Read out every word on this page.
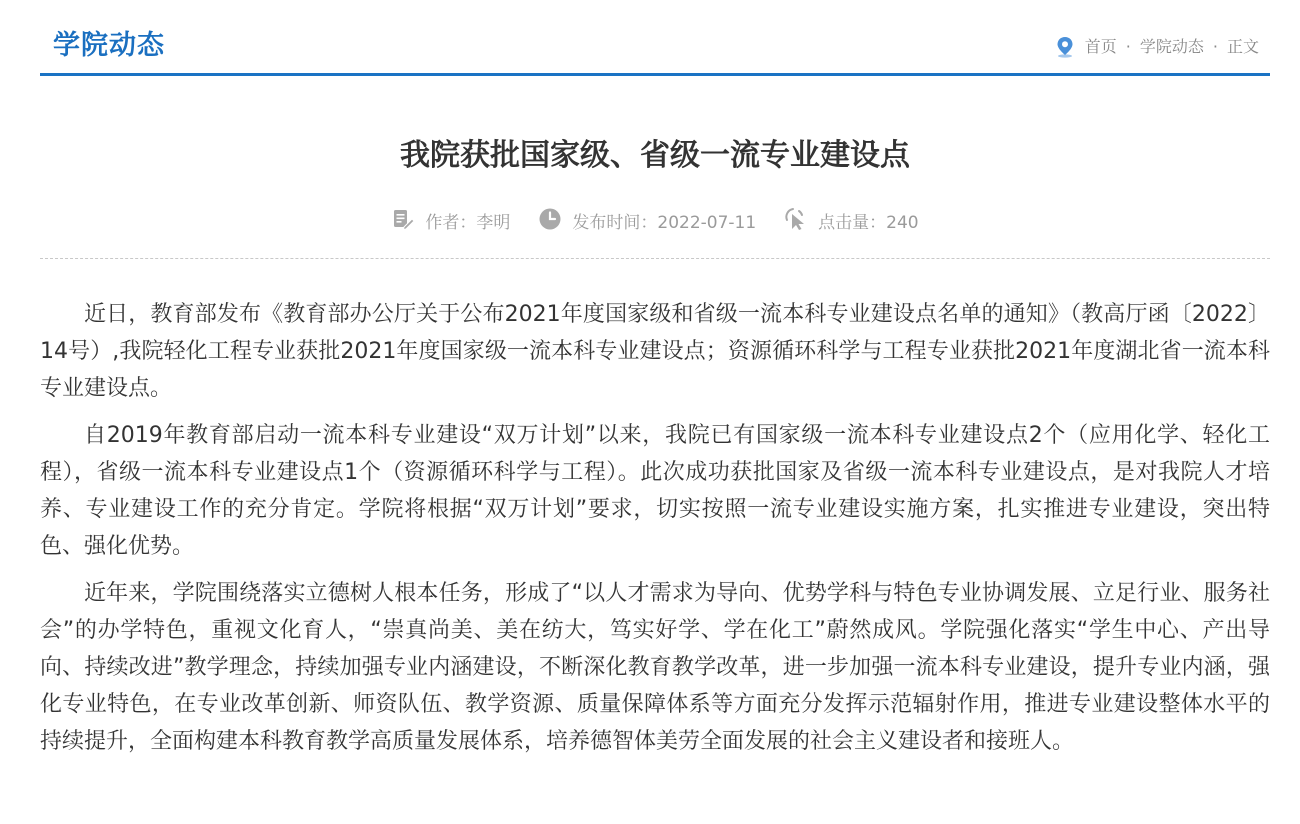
学院动态	首页 · 学院动态 · 正文
我院获批国家级、省级一流专业建设点
作者：李明	发布时间：2022-07-11	点击量：240

近日，教育部发布《教育部办公厅关于公布2021年度国家级和省级一流本科专业建设点名单的通知》（教高厅函〔2022〕14号）,我院轻化工程专业获批2021年度国家级一流本科专业建设点；资源循环科学与工程专业获批2021年度湖北省一流本科专业建设点。

自2019年教育部启动一流本科专业建设“双万计划”以来，我院已有国家级一流本科专业建设点2个（应用化学、轻化工程），省级一流本科专业建设点1个（资源循环科学与工程）。此次成功获批国家及省级一流本科专业建设点，是对我院人才培养、专业建设工作的充分肯定。学院将根据“双万计划”要求，切实按照一流专业建设实施方案，扎实推进专业建设，突出特色、强化优势。

近年来，学院围绕落实立德树人根本任务，形成了“以人才需求为导向、优势学科与特色专业协调发展、立足行业、服务社会”的办学特色，重视文化育人，“崇真尚美、美在纺大，笃实好学、学在化工”蔚然成风。学院强化落实“学生中心、产出导向、持续改进”教学理念，持续加强专业内涵建设，不断深化教育教学改革，进一步加强一流本科专业建设，提升专业内涵，强化专业特色，在专业改革创新、师资队伍、教学资源、质量保障体系等方面充分发挥示范辐射作用，推进专业建设整体水平的持续提升，全面构建本科教育教学高质量发展体系，培养德智体美劳全面发展的社会主义建设者和接班人。
